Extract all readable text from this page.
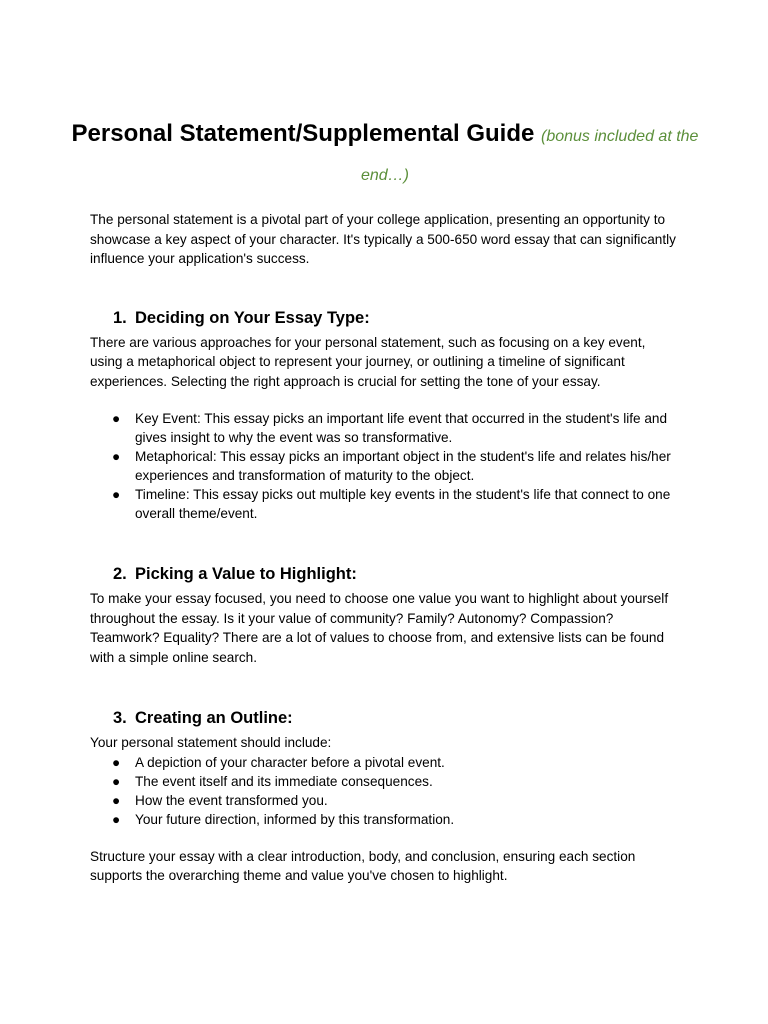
Personal Statement/Supplemental Guide (bonus included at the end…)

The personal statement is a pivotal part of your college application, presenting an opportunity to showcase a key aspect of your character. It's typically a 500-650 word essay that can significantly influence your application's success.

1. Deciding on Your Essay Type:

There are various approaches for your personal statement, such as focusing on a key event, using a metaphorical object to represent your journey, or outlining a timeline of significant experiences. Selecting the right approach is crucial for setting the tone of your essay.

● Key Event: This essay picks an important life event that occurred in the student's life and gives insight to why the event was so transformative.
● Metaphorical: This essay picks an important object in the student's life and relates his/her experiences and transformation of maturity to the object.
● Timeline: This essay picks out multiple key events in the student's life that connect to one overall theme/event.
2. Picking a Value to Highlight:

To make your essay focused, you need to choose one value you want to highlight about yourself throughout the essay. Is it your value of community? Family? Autonomy? Compassion? Teamwork? Equality? There are a lot of values to choose from, and extensive lists can be found with a simple online search.

3. Creating an Outline:

Your personal statement should include:

● A depiction of your character before a pivotal event.
● The event itself and its immediate consequences.
● How the event transformed you.
● Your future direction, informed by this transformation.

Structure your essay with a clear introduction, body, and conclusion, ensuring each section supports the overarching theme and value you've chosen to highlight.
